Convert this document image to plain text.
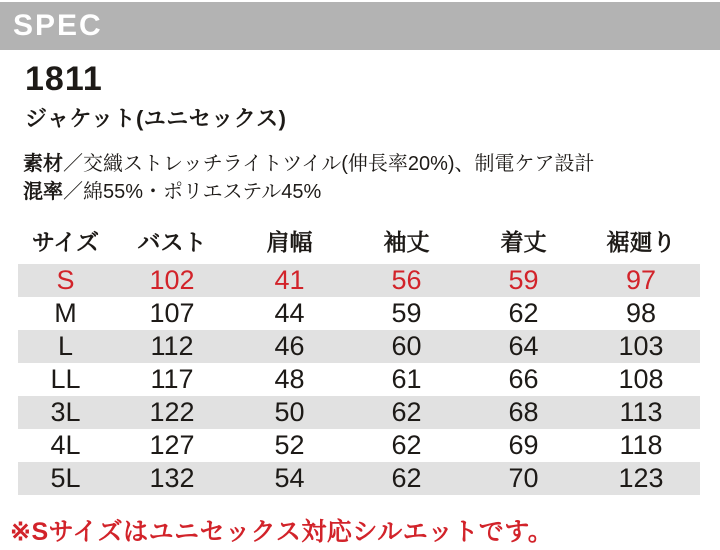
SPEC
1811
ジャケット(ユニセックス)
素材／交織ストレッチライトツイル(伸長率20%)、制電ケア設計
混率／綿55%・ポリエステル45%
サイズ	バスト	肩幅	袖丈	着丈	裾廻り
S	102	41	56	59	97
M	107	44	59	62	98
L	112	46	60	64	103
LL	117	48	61	66	108
3L	122	50	62	68	113
4L	127	52	62	69	118
5L	132	54	62	70	123
※Sサイズはユニセックス対応シルエットです。
